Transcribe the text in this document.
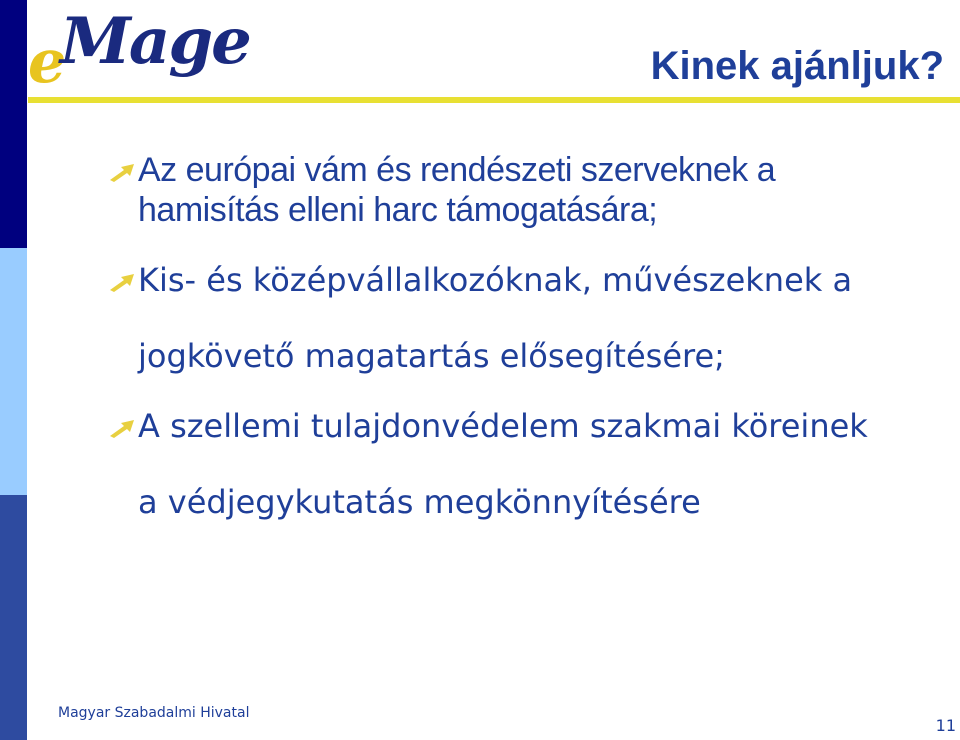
e
Mage	Kinek ajánljuk?
Az európai vám és rendészeti szerveknek a
hamisítás elleni harc támogatására;
Kis- és középvállalkozóknak, művészeknek a
jogkövető magatartás elősegítésére;
A szellemi tulajdonvédelem szakmai köreinek
a védjegykutatás megkönnyítésére
Magyar Szabadalmi Hivatal
11
